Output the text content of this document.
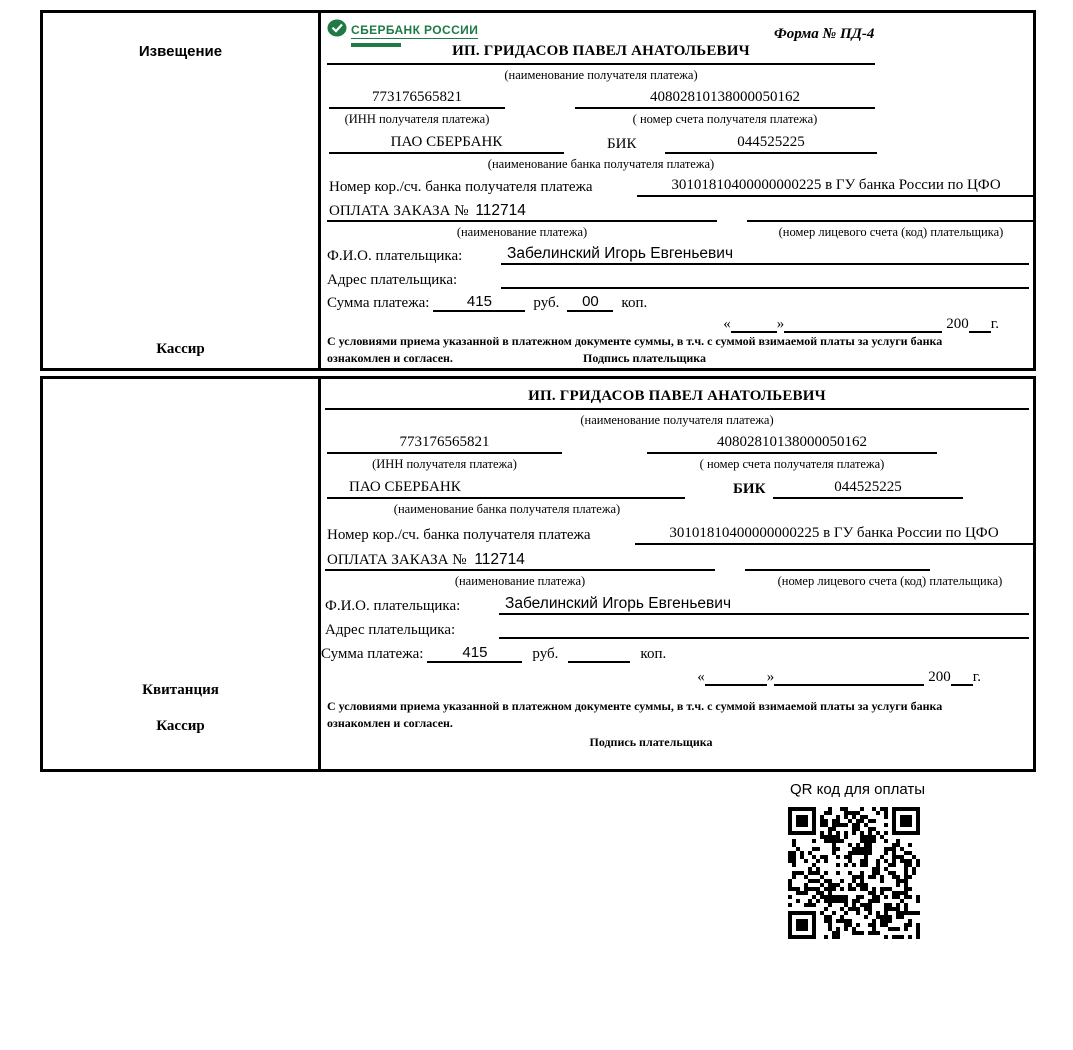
Извещение
Кассир
СБЕРБАНК РОССИИ	Форма № ПД-4
ИП. ГРИДАСОВ ПАВЕЛ АНАТОЛЬЕВИЧ
(наименование получателя платежа)
773176565821	40802810138000050162
(ИНН получателя платежа)	( номер счета получателя платежа)
ПАО СБЕРБАНК	БИК	044525225
(наименование банка получателя платежа)
Номер кор./сч. банка получателя платежа	30101810400000000225 в ГУ банка России по ЦФО
ОПЛАТА ЗАКАЗА № 112714
(наименование платежа)	(номер лицевого счета (код) плательщика)
Ф.И.О. плательщика:	Забелинский Игорь Евгеньевич
Адрес плательщика:
Сумма платежа:	415	руб.	00	коп.
«	»	200 г.
С условиями приема указанной в платежном документе суммы, в т.ч. с суммой взимаемой платы за услуги банка
ознакомлен и согласен.	Подпись плательщика
Квитанция
Кассир
ИП. ГРИДАСОВ ПАВЕЛ АНАТОЛЬЕВИЧ
(наименование получателя платежа)
773176565821	40802810138000050162
(ИНН получателя платежа)	( номер счета получателя платежа)
ПАО СБЕРБАНК	БИК	044525225
(наименование банка получателя платежа)
Номер кор./сч. банка получателя платежа	30101810400000000225 в ГУ банка России по ЦФО
ОПЛАТА ЗАКАЗА № 112714
(наименование платежа)	(номер лицевого счета (код) плательщика)
Ф.И.О. плательщика:	Забелинский Игорь Евгеньевич
Адрес плательщика:
Сумма платежа:	415	руб.	коп.
«	»	200 г.
С условиями приема указанной в платежном документе суммы, в т.ч. с суммой взимаемой платы за услуги банка
ознакомлен и согласен.
Подпись плательщика
QR код для оплаты
